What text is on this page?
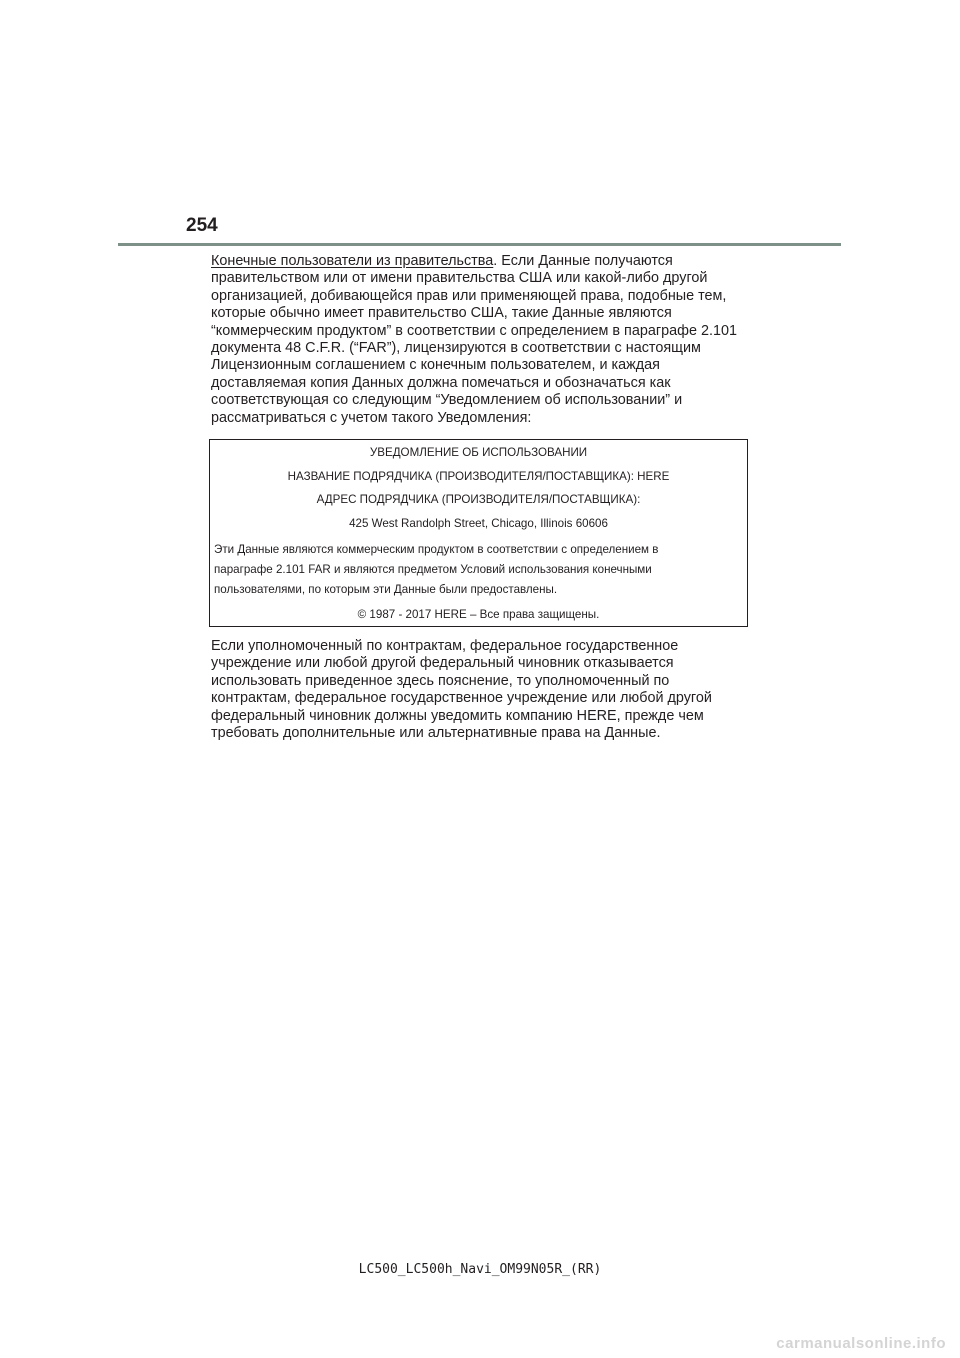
254
Конечные пользователи из правительства. Если Данные получаются
правительством или от имени правительства США или какой-либо другой
организацией, добивающейся прав или применяющей права, подобные тем,
которые обычно имеет правительство США, такие Данные являются
“коммерческим продуктом” в соответствии с определением в параграфе 2.101
документа 48 C.F.R. (“FAR”), лицензируются в соответствии с настоящим
Лицензионным соглашением с конечным пользователем, и каждая
доставляемая копия Данных должна помечаться и обозначаться как
соответствующая со следующим “Уведомлением об использовании” и
рассматриваться с учетом такого Уведомления:
УВЕДОМЛЕНИЕ ОБ ИСПОЛЬЗОВАНИИ
НАЗВАНИЕ ПОДРЯДЧИКА (ПРОИЗВОДИТЕЛЯ/ПОСТАВЩИКА): HERE
АДРЕС ПОДРЯДЧИКА (ПРОИЗВОДИТЕЛЯ/ПОСТАВЩИКА):
425 West Randolph Street, Chicago, Illinois 60606
Эти Данные являются коммерческим продуктом в соответствии с определением в
параграфе 2.101 FAR и являются предметом Условий использования конечными
пользователями, по которым эти Данные были предоставлены.
© 1987 - 2017 HERE – Все права защищены.
Если уполномоченный по контрактам, федеральное государственное
учреждение или любой другой федеральный чиновник отказывается
использовать приведенное здесь пояснение, то уполномоченный по
контрактам, федеральное государственное учреждение или любой другой
федеральный чиновник должны уведомить компанию HERE, прежде чем
требовать дополнительные или альтернативные права на Данные.
LC500_LC500h_Navi_OM99N05R_(RR)
carmanualsonline.info
